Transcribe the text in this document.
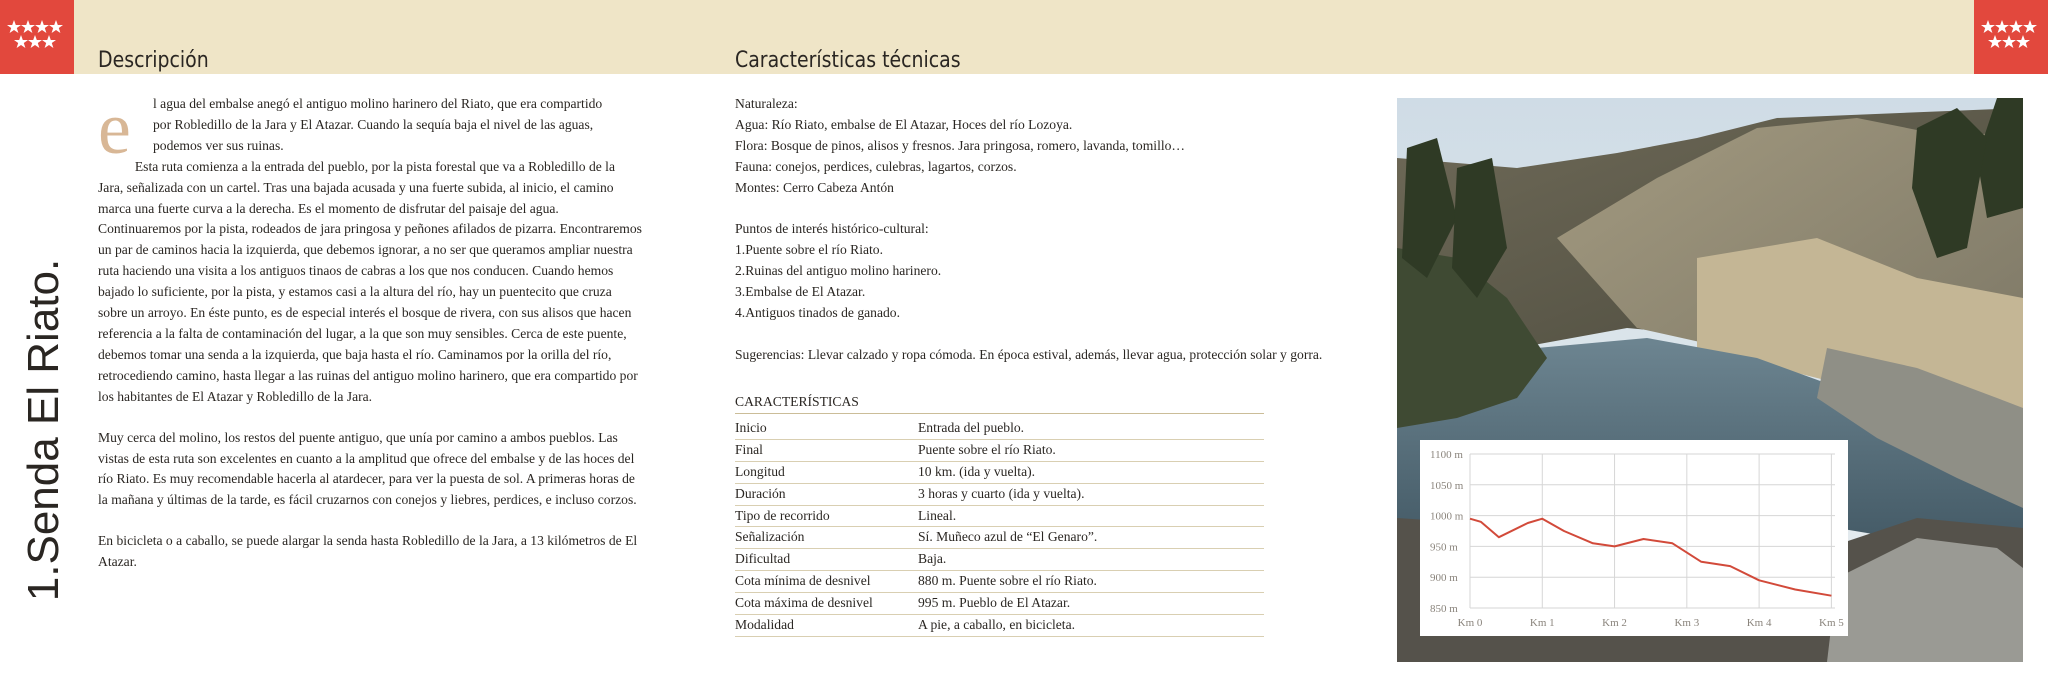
1.Senda El Riato.
Descripción	Características técnicas
e	l agua del embalse anegó el antiguo molino harinero del Riato, que era compartido
por Robledillo de la Jara y El Atazar. Cuando la sequía baja el nivel de las aguas,
podemos ver sus ruinas.

Esta ruta comienza a la entrada del pueblo, por la pista forestal que va a Robledillo de la Jara, señalizada con un cartel. Tras una bajada acusada y una fuerte subida, al inicio, el camino marca una fuerte curva a la derecha. Es el momento de disfrutar del paisaje del agua. Continuaremos por la pista, rodeados de jara pringosa y peñones afilados de pizarra. Encontraremos un par de caminos hacia la izquierda, que debemos ignorar, a no ser que queramos ampliar nuestra ruta haciendo una visita a los antiguos tinaos de cabras a los que nos conducen. Cuando hemos bajado lo suficiente, por la pista, y estamos casi a la altura del río, hay un puentecito que cruza sobre un arroyo. En éste punto, es de especial interés el bosque de rivera, con sus alisos que hacen referencia a la falta de contaminación del lugar, a la que son muy sensibles. Cerca de este puente, debemos tomar una senda a la izquierda, que baja hasta el río. Caminamos por la orilla del río, retrocediendo camino, hasta llegar a las ruinas del antiguo molino harinero, que era compartido por los habitantes de El Atazar y Robledillo de la Jara.

Muy cerca del molino, los restos del puente antiguo, que unía por camino a ambos pueblos. Las vistas de esta ruta son excelentes en cuanto a la amplitud que ofrece del embalse y de las hoces del río Riato. Es muy recomendable hacerla al atardecer, para ver la puesta de sol. A primeras horas de la mañana y últimas de la tarde, es fácil cruzarnos con conejos y liebres, perdices, e incluso corzos.

En bicicleta o a caballo, se puede alargar la senda hasta Robledillo de la Jara, a 13 kilómetros de El Atazar.

Naturaleza:

Agua: Río Riato, embalse de El Atazar, Hoces del río Lozoya.

Flora: Bosque de pinos, alisos y fresnos. Jara pringosa, romero, lavanda, tomillo…

Fauna: conejos, perdices, culebras, lagartos, corzos.

Montes: Cerro Cabeza Antón

Puntos de interés histórico-cultural:

1.Puente sobre el río Riato.

2.Ruinas del antiguo molino harinero.

3.Embalse de El Atazar.

4.Antiguos tinados de ganado.

Sugerencias: Llevar calzado y ropa cómoda. En época estival, además, llevar agua, protección solar y gorra.

CARACTERÍSTICAS
Inicio	Entrada del pueblo.
Final	Puente sobre el río Riato.
Longitud	10 km. (ida y vuelta).
Duración	3 horas y cuarto (ida y vuelta).
Tipo de recorrido	Lineal.
Señalización	Sí. Muñeco azul de “El Genaro”.
Dificultad	Baja.
Cota mínima de desnivel	880 m. Puente sobre el río Riato.
Cota máxima de desnivel	995 m. Pueblo de El Atazar.
Modalidad	A pie, a caballo, en bicicleta.
1100 m
1050 m
1000 m
950 m
900 m
850 m
Km 0	Km 1	Km 2	Km 3	Km 4	Km 5
